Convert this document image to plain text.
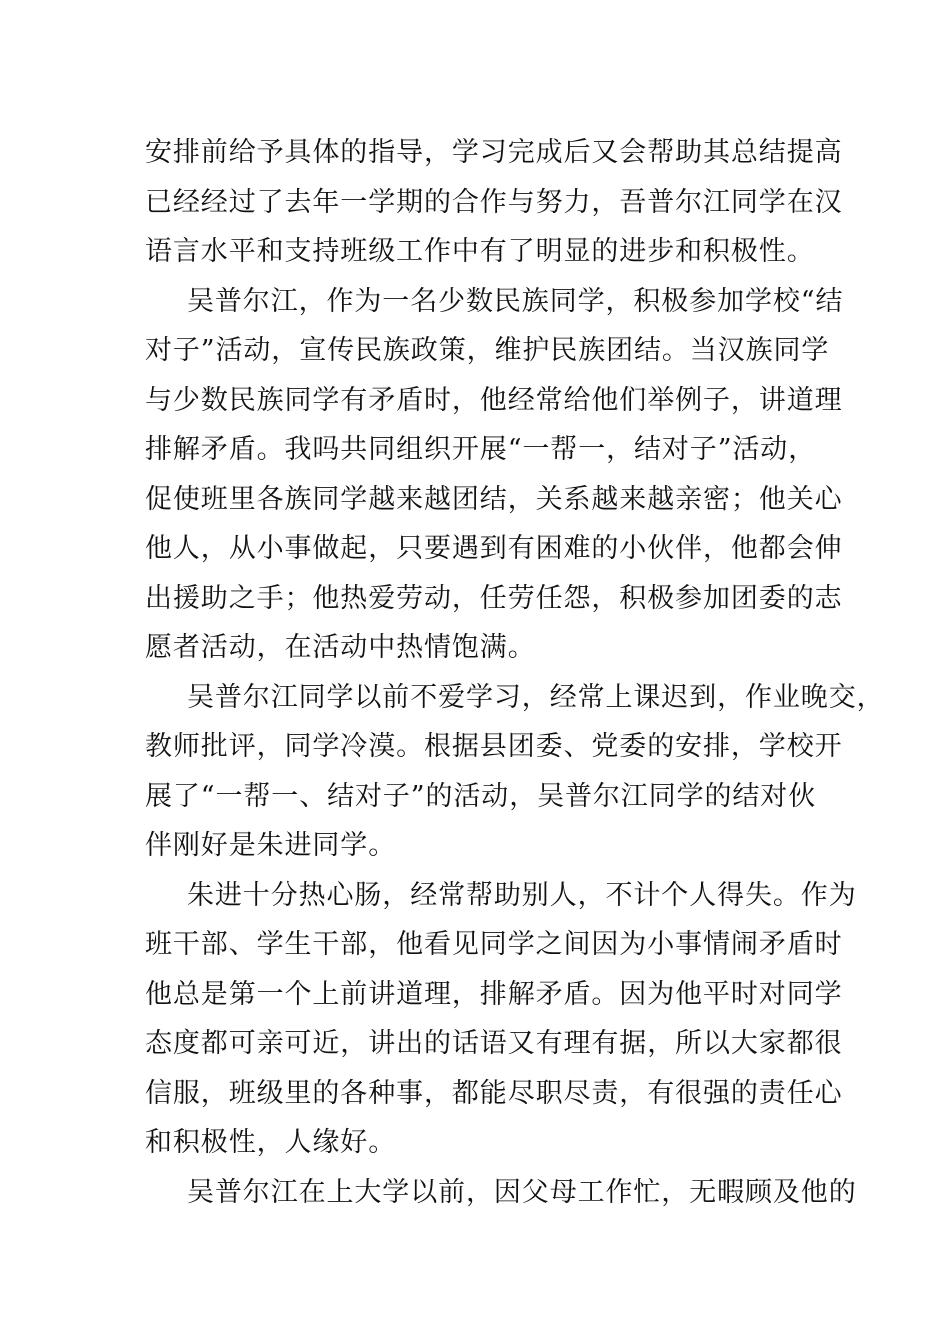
安排前给予具体的指导，学习完成后又会帮助其总结提高
已经经过了去年一学期的合作与努力，吾普尔江同学在汉
语言水平和支持班级工作中有了明显的进步和积极性。
吴普尔江，作为一名少数民族同学，积极参加学校“结
对子”活动，宣传民族政策，维护民族团结。当汉族同学
与少数民族同学有矛盾时，他经常给他们举例子，讲道理
排解矛盾。我吗共同组织开展“一帮一，结对子”活动，
促使班里各族同学越来越团结，关系越来越亲密；他关心
他人，从小事做起，只要遇到有困难的小伙伴，他都会伸
出援助之手；他热爱劳动，任劳任怨，积极参加团委的志
愿者活动，在活动中热情饱满。
吴普尔江同学以前不爱学习，经常上课迟到，作业晚交，
教师批评，同学冷漠。根据县团委、党委的安排，学校开
展了“一帮一、结对子”的活动，吴普尔江同学的结对伙
伴刚好是朱进同学。
朱进十分热心肠，经常帮助别人，不计个人得失。作为
班干部、学生干部，他看见同学之间因为小事情闹矛盾时
他总是第一个上前讲道理，排解矛盾。因为他平时对同学
态度都可亲可近，讲出的话语又有理有据，所以大家都很
信服，班级里的各种事，都能尽职尽责，有很强的责任心
和积极性，人缘好。
吴普尔江在上大学以前，因父母工作忙，无暇顾及他的
